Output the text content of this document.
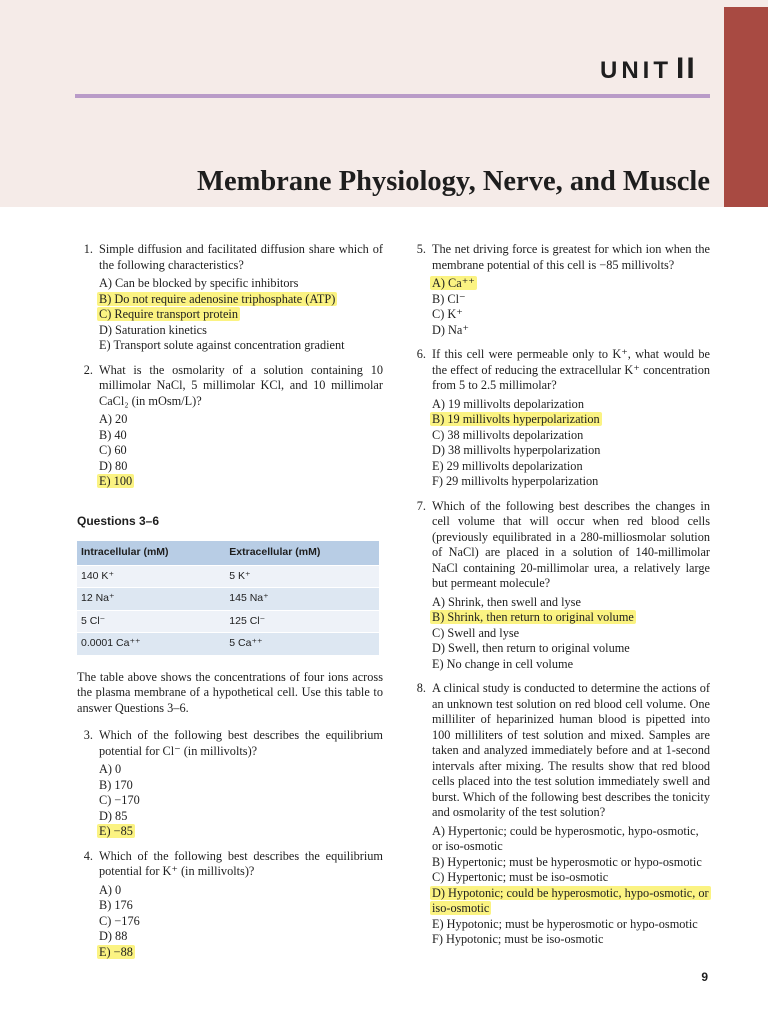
UNIT II
Membrane Physiology, Nerve, and Muscle
1. Simple diffusion and facilitated diffusion share which of the following characteristics?
A) Can be blocked by specific inhibitors
B) Do not require adenosine triphosphate (ATP)
C) Require transport protein
D) Saturation kinetics
E) Transport solute against concentration gradient
2. What is the osmolarity of a solution containing 10 millimolar NaCl, 5 millimolar KCl, and 10 millimolar CaCl₂ (in mOsm/L)?
A) 20
B) 40
C) 60
D) 80
E) 100
Questions 3–6
Intracellular (mM)	Extracellular (mM)
140 K⁺	5 K⁺
12 Na⁺	145 Na⁺
5 Cl⁻	125 Cl⁻
0.0001 Ca⁺⁺	5 Ca⁺⁺
The table above shows the concentrations of four ions across the plasma membrane of a hypothetical cell. Use this table to answer Questions 3–6.
3. Which of the following best describes the equilibrium potential for Cl⁻ (in millivolts)?
A) 0
B) 170
C) −170
D) 85
E) −85
4. Which of the following best describes the equilibrium potential for K⁺ (in millivolts)?
A) 0
B) 176
C) −176
D) 88
E) −88
5. The net driving force is greatest for which ion when the membrane potential of this cell is −85 millivolts?
A) Ca⁺⁺
B) Cl⁻
C) K⁺
D) Na⁺
6. If this cell were permeable only to K⁺, what would be the effect of reducing the extracellular K⁺ concentration from 5 to 2.5 millimolar?
A) 19 millivolts depolarization
B) 19 millivolts hyperpolarization
C) 38 millivolts depolarization
D) 38 millivolts hyperpolarization
E) 29 millivolts depolarization
F) 29 millivolts hyperpolarization
7. Which of the following best describes the changes in cell volume that will occur when red blood cells (previously equilibrated in a 280-milliosmolar solution of NaCl) are placed in a solution of 140-millimolar NaCl containing 20-millimolar urea, a relatively large but permeant molecule?
A) Shrink, then swell and lyse
B) Shrink, then return to original volume
C) Swell and lyse
D) Swell, then return to original volume
E) No change in cell volume
8. A clinical study is conducted to determine the actions of an unknown test solution on red blood cell volume. One milliliter of heparinized human blood is pipetted into 100 milliliters of test solution and mixed. Samples are taken and analyzed immediately before and at 1-second intervals after mixing. The results show that red blood cells placed into the test solution immediately swell and burst. Which of the following best describes the tonicity and osmolarity of the test solution?
A) Hypertonic; could be hyperosmotic, hypo-osmotic, or iso-osmotic
B) Hypertonic; must be hyperosmotic or hypo-osmotic
C) Hypertonic; must be iso-osmotic
D) Hypotonic; could be hyperosmotic, hypo-osmotic, or iso-osmotic
E) Hypotonic; must be hyperosmotic or hypo-osmotic
F) Hypotonic; must be iso-osmotic
9
